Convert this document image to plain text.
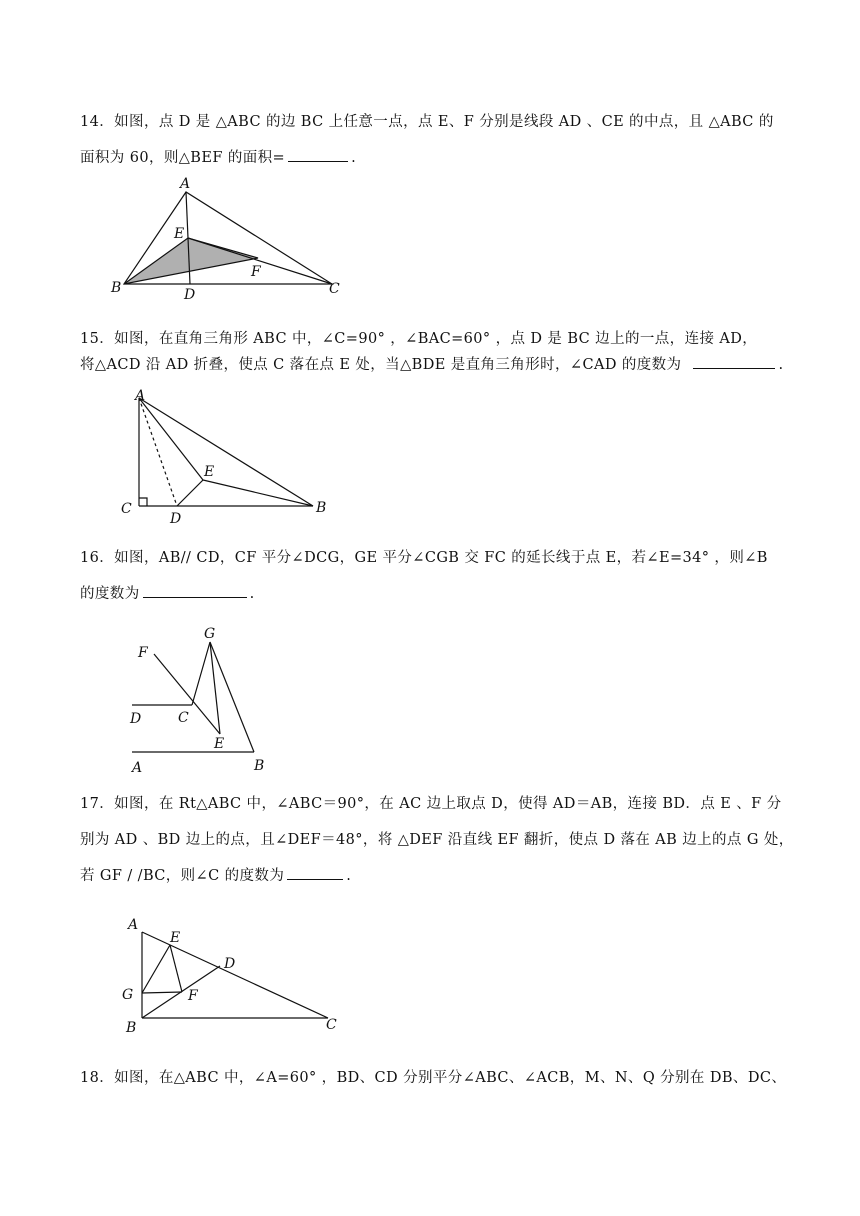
14．如图，点 D 是 △ABC 的边 BC 上任意一点，点 E、F 分别是线段 AD 、CE 的中点，且 △ABC 的
面积为 60，则△BEF 的面积=	.
A
B	C
D
E
F
15．如图，在直角三角形 ABC 中，∠C=90° ，∠BAC=60° ，点 D 是 BC 边上的一点，连接 AD，
将△ACD 沿 AD 折叠，使点 C 落在点 E 处，当△BDE 是直角三角形时，∠CAD 的度数为	.
A
B
C
D
E
16．如图，AB// CD，CF 平分∠DCG，GE 平分∠CGB 交 FC 的延长线于点 E，若∠E=34° ，则∠B
的度数为	.
F
G
D	C
E
A	B
17．如图，在 Rt△ABC 中，∠ABC＝90°，在 AC 边上取点 D，使得 AD＝AB，连接 BD．点 E 、F 分
别为 AD 、BD 边上的点，且∠DEF＝48°，将 △DEF 沿直线 EF 翻折，使点 D 落在 AB 边上的点 G 处，
若 GF / /BC，则∠C 的度数为	.
A
E
D
G	F
B	C
18．如图，在△ABC 中，∠A=60° ，BD、CD 分别平分∠ABC、∠ACB，M、N、Q 分别在 DB、DC、
